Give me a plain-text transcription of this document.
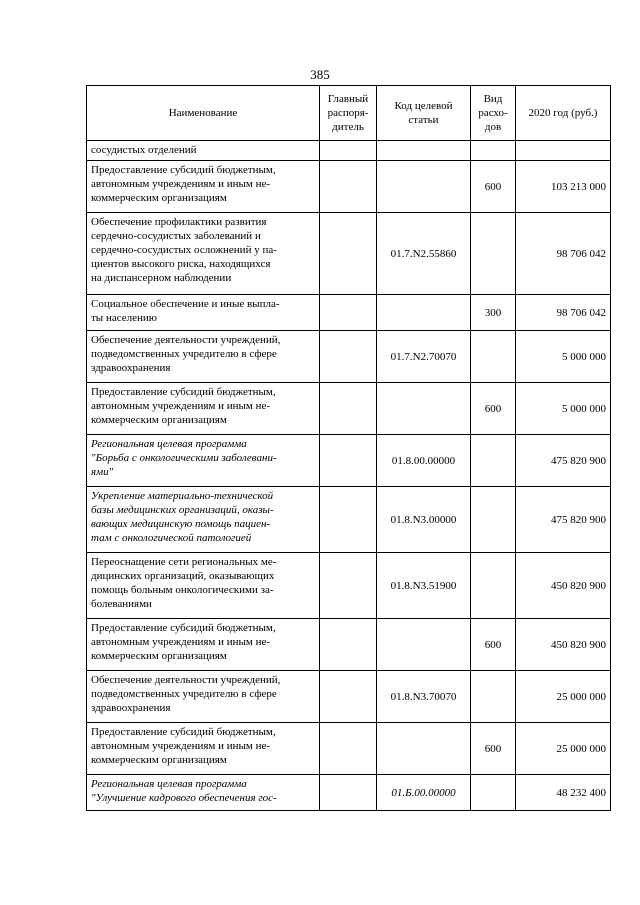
385
Наименование	Главный распоря-дитель	Код целевой статьи	Вид расхо-дов	2020 год (руб.)

сосудистых отделений				

Предоставление субсидий бюджетным,
автономным учреждениям и иным не-
коммерческим организациям			600	103 213 000

Обеспечение профилактики развития
сердечно-сосудистых заболеваний и
сердечно-сосудистых осложнений у па-
циентов высокого риска, находящихся
на диспансерном наблюдении		01.7.N2.55860		98 706 042

Социальное обеспечение и иные выпла-
ты населению			300	98 706 042

Обеспечение деятельности учреждений,
подведомственных учредителю в сфере
здравоохранения		01.7.N2.70070		5 000 000

Предоставление субсидий бюджетным,
автономным учреждениям и иным не-
коммерческим организациям			600	5 000 000

Региональная целевая программа
"Борьба с онкологическими заболевани-
ями"		01.8.00.00000		475 820 900

Укрепление материально-технической
базы медицинских организаций, оказы-
вающих медицинскую помощь пациен-
там с онкологической патологией		01.8.N3.00000		475 820 900

Переоснащение сети региональных ме-
дицинских организаций, оказывающих
помощь больным онкологическими за-
болеваниями		01.8.N3.51900		450 820 900

Предоставление субсидий бюджетным,
автономным учреждениям и иным не-
коммерческим организациям			600	450 820 900

Обеспечение деятельности учреждений,
подведомственных учредителю в сфере
здравоохранения		01.8.N3.70070		25 000 000

Предоставление субсидий бюджетным,
автономным учреждениям и иным не-
коммерческим организациям			600	25 000 000

Региональная целевая программа
"Улучшение кадрового обеспечения гос-		01.Б.00.00000		48 232 400
